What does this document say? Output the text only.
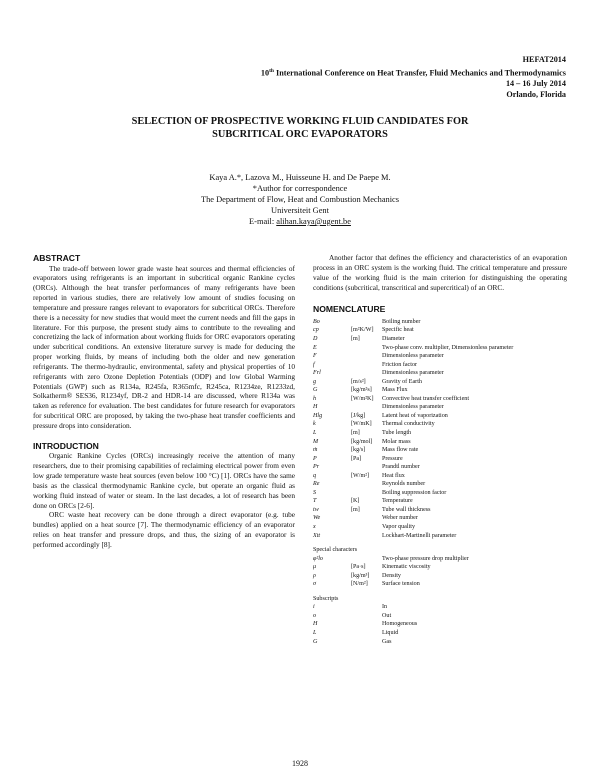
HEFAT2014
10th International Conference on Heat Transfer, Fluid Mechanics and Thermodynamics
14 – 16 July 2014
Orlando, Florida
SELECTION OF PROSPECTIVE WORKING FLUID CANDIDATES FOR
SUBCRITICAL ORC EVAPORATORS
Kaya A.*, Lazova M., Huisseune H. and De Paepe M.
*Author for correspondence
The Department of Flow, Heat and Combustion Mechanics
Universiteit Gent
E-mail: alihan.kaya@ugent.be
ABSTRACT

The trade-off between lower grade waste heat sources and thermal efficiencies of evaporators using refrigerants is an important in subcritical organic Rankine cycles (ORCs). Although the heat transfer performances of many refrigerants have been reported in various studies, there are relatively low amount of studies focusing on temperature and pressure ranges relevant to evaporators for subcritical ORCs. Therefore there is a necessity for new studies that would meet the current needs and fill the gaps in literature. For this purpose, the present study aims to contribute to the revealing and concretizing the lack of information about working fluids for ORC evaporators operating under subcritical conditions. An extensive literature survey is made for deducing the proper working fluids, by means of including both the older and new generation refrigerants. The thermo-hydraulic, environmental, safety and physical properties of 10 refrigerants with zero Ozone Depletion Potentials (ODP) and low Global Warming Potentials (GWP) such as R134a, R245fa, R365mfc, R245ca, R1234ze, R1233zd, Solkatherm® SES36, R1234yf, DR-2 and HDR-14 are discussed, where R134a was taken as reference for evaluation. The best candidates for future research for evaporators for subcritical ORC are proposed, by taking the two-phase heat transfer coefficients and pressure drops into consideration.

INTRODUCTION

Organic Rankine Cycles (ORCs) increasingly receive the attention of many researchers, due to their promising capabilities of reclaiming electrical power from even low grade temperature waste heat sources (even below 100 °C) [1]. ORCs have the same basis as the classical thermodynamic Rankine cycle, but operate an organic fluid as working fluid instead of water or steam. In the last decades, a lot of research has been done on ORCs [2-6].

ORC waste heat recovery can be done through a direct evaporator (e.g. tube bundles) applied on a heat source [7]. The thermodynamic efficiency of an evaporator relies on heat transfer and pressure drops, and thus, the sizing of an evaporator is performed accordingly [8].

Another factor that defines the efficiency and characteristics of an evaporation process in an ORC system is the working fluid. The critical temperature and pressure value of the working fluid is the main criterion for distinguishing the operating conditions (subcritical, transcritical and supercritical) of an ORC.

NOMENCLATURE
Bo	Boiling number
cp	[m²K/W]	Specific heat
D	[m]	Diameter
E	Two-phase conv. multiplier, Dimensionless parameter
F	Dimensionless parameter
f	Friction factor
Frl	Dimensionless parameter
g	[m/s²]	Gravity of Earth
G	[kg/m²s]	Mass Flux
h	[W/m²K]	Convective heat transfer coefficient
H	Dimensionless parameter
Hlg	[J/kg]	Latent heat of vaporization
k	[W/mK]	Thermal conductivity
L	[m]	Tube length
M	[kg/mol]	Molar mass
ṁ	[kg/s]	Mass flow rate
P	[Pa]	Pressure
Pr	Prandtl number
q	[W/m²]	Heat flux
Re	Reynolds number
S	Boiling suppression factor
T	[K]	Temperature
tw	[m]	Tube wall thickness
We	Weber number
x	Vapor quality
Xtt	Lockhart-Martinelli parameter
Special characters
φ²lo	Two-phase pressure drop multiplier
μ	[Pa·s]	Kinematic viscosity
ρ	[kg/m³]	Density
σ	[N/m²]	Surface tension
Subscripts
i	In
o	Out
H	Homogeneous
L	Liquid
G	Gas
1928
